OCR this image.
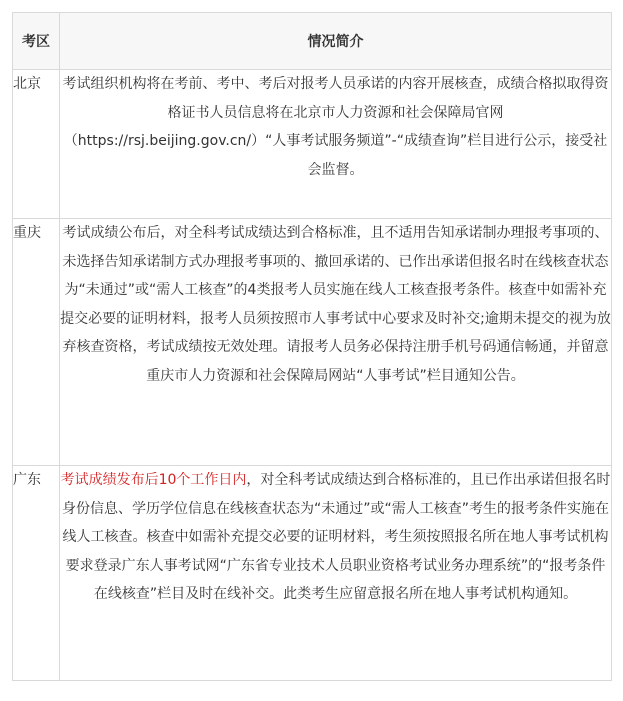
考区	情况简介
北京	考试组织机构将在考前、考中、考后对报考人员承诺的内容开展核查，成绩合格拟取得资格证书人员信息将在北京市人力资源和社会保障局官网（https://rsj.beijing.gov.cn/）“人事考试服务频道”-“成绩查询”栏目进行公示，接受社会监督。
重庆	考试成绩公布后，对全科考试成绩达到合格标准，且不适用告知承诺制办理报考事项的、未选择告知承诺制方式办理报考事项的、撤回承诺的、已作出承诺但报名时在线核查状态为“未通过”或“需人工核查”的4类报考人员实施在线人工核查报考条件。核查中如需补充提交必要的证明材料，报考人员须按照市人事考试中心要求及时补交;逾期未提交的视为放弃核查资格，考试成绩按无效处理。请报考人员务必保持注册手机号码通信畅通，并留意重庆市人力资源和社会保障局网站“人事考试”栏目通知公告。
广东	考试成绩发布后10个工作日内，对全科考试成绩达到合格标准的，且已作出承诺但报名时身份信息、学历学位信息在线核查状态为“未通过”或“需人工核查”考生的报考条件实施在线人工核查。核查中如需补充提交必要的证明材料，考生须按照报名所在地人事考试机构要求登录广东人事考试网“广东省专业技术人员职业资格考试业务办理系统”的“报考条件在线核查”栏目及时在线补交。此类考生应留意报名所在地人事考试机构通知。
